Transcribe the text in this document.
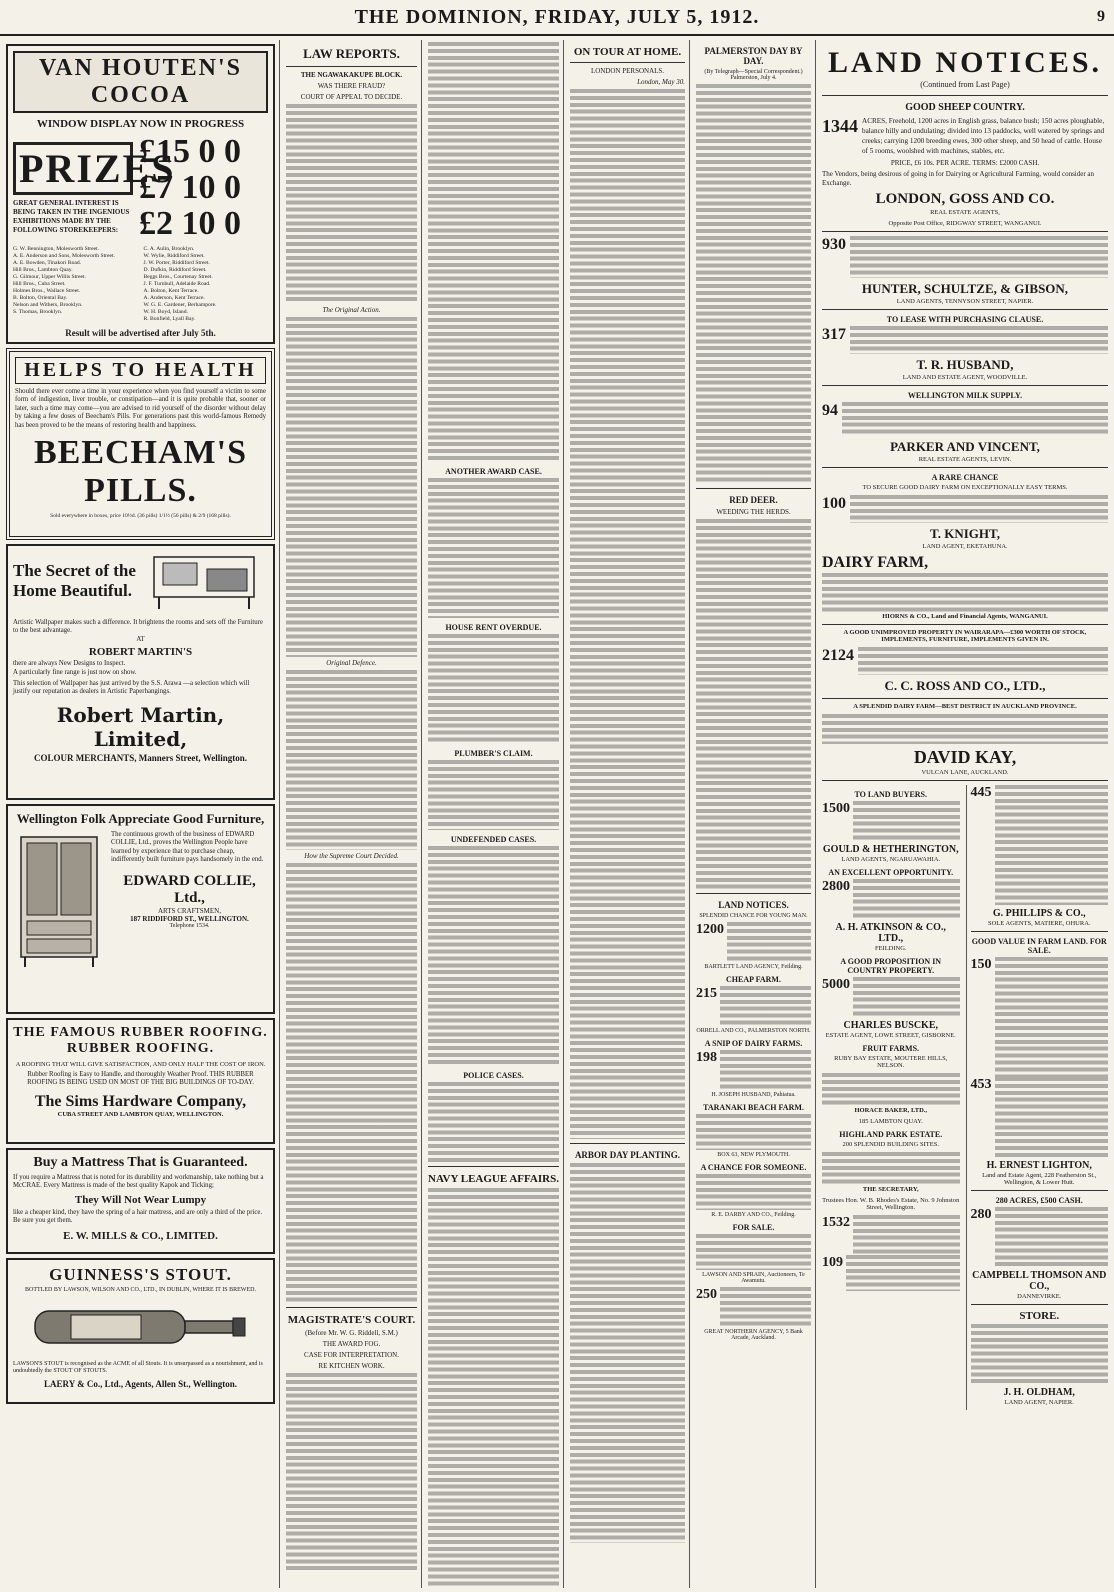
THE DOMINION, FRIDAY, JULY 5, 1912.	9
VAN HOUTEN'S COCOA
WINDOW DISPLAY NOW IN PROGRESS
PRIZES
GREAT GENERAL INTEREST IS BEING TAKEN IN THE INGENIOUS EXHIBITIONS MADE BY THE FOLLOWING STOREKEEPERS:
£15 0 0
£7 10 0
£2 10 0
G. W. Bennington, Molesworth Street.
A. E. Anderson and Sons, Molesworth Street.
A. E. Bowden, Tinakori Road.
Hill Bros., Lambton Quay.
G. Gilmour, Upper Willis Street.
Hill Bros., Cuba Street.
Holmes Bros., Wallace Street.
B. Bolton, Oriental Bay.
Nelson and Withers, Brooklyn.
S. Thomas, Brooklyn.
C. A. Aulin, Brooklyn.
W. Wylie, Riddiford Street.
J. W. Porter, Riddiford Street.
D. Dufkin, Riddiford Street.
Beggs Bros., Courtenay Street.
J. F. Turnbull, Adelaide Road.
A. Bolton, Kent Terrace.
A. Anderson, Kent Terrace.
W. G. E. Gardener, Berhampore.
W. H. Boyd, Island.
R. Bonfield, Lyall Bay.
Result will be advertised after July 5th.
HELPS TO HEALTH
Should there ever come a time in your experience when you find yourself a victim to some form of indigestion, liver trouble, or constipation—and it is quite probable that, sooner or later, such a time may come—you are advised to rid yourself of the disorder without delay by taking a few doses of Beecham's Pills. For generations past this world-famous Remedy has been proved to be the means of restoring health and happiness.
BEECHAM'S PILLS.
Sold everywhere in boxes, price 10½d. (36 pills) 1/1½ (56 pills) & 2/9 (168 pills).
The Secret of the Home Beautiful.
Artistic Wallpaper makes such a difference. It brightens the rooms and sets off the Furniture to the best advantage.
AT
ROBERT MARTIN'S
there are always New Designs to Inspect.
A particularly fine range is just now on show.
This selection of Wallpaper has just arrived by the S.S. Arawa —a selection which will justify our reputation as dealers in Artistic Paperhangings.
Robert Martin, Limited,
COLOUR MERCHANTS, Manners Street, Wellington.
Wellington Folk Appreciate Good Furniture,
The continuous growth of the business of EDWARD COLLIE, Ltd., proves the Wellington People have learned by experience that to purchase cheap, indifferently built furniture pays handsomely in the end.
EDWARD COLLIE, Ltd.,
ARTS CRAFTSMEN,
187 RIDDIFORD ST., WELLINGTON.
Telephone 1534.
THE FAMOUS RUBBER ROOFING. RUBBER ROOFING.
A ROOFING THAT WILL GIVE SATISFACTION, AND ONLY HALF THE COST OF IRON.
Rubber Roofing is Easy to Handle, and thoroughly Weather Proof. THIS RUBBER ROOFING IS BEING USED ON MOST OF THE BIG BUILDINGS OF TO-DAY.
The Sims Hardware Company,
CUBA STREET AND LAMBTON QUAY, WELLINGTON.
Buy a Mattress That is Guaranteed.
If you require a Mattress that is noted for its durability and workmanship, take nothing but a McCRAE. Every Mattress is made of the best quality Kapok and Ticking;
They Will Not Wear Lumpy
like a cheaper kind, they have the spring of a hair mattress, and are only a third of the price. Be sure you get them.
E. W. MILLS & CO., LIMITED.
GUINNESS'S STOUT.
BOTTLED BY LAWSON, WILSON AND CO., LTD., IN DUBLIN, WHERE IT IS BREWED.
LAWSON'S STOUT is recognised as the ACME of all Stouts. It is unsurpassed as a nourishment, and is undoubtedly the STOUT OF STOUTS.
LAERY & Co., Ltd., Agents, Allen St., Wellington.
LAW REPORTS.
THE NGAWAKAKUPE BLOCK.
WAS THERE FRAUD?
COURT OF APPEAL TO DECIDE.
The Original Action.
Original Defence.
How the Supreme Court Decided.
MAGISTRATE'S COURT.
(Before Mr. W. G. Riddell, S.M.)
THE AWARD FOG.
CASE FOR INTERPRETATION.
RE KITCHEN WORK.
ANOTHER AWARD CASE.
HOUSE RENT OVERDUE.
PLUMBER'S CLAIM.
UNDEFENDED CASES.
POLICE CASES.
NAVY LEAGUE AFFAIRS.
ON TOUR AT HOME.
LONDON PERSONALS.
London, May 30.
ARBOR DAY PLANTING.
PALMERSTON DAY BY DAY.
(By Telegraph—Special Correspondent.) Palmerston, July 4.
RED DEER.
WEEDING THE HERDS.
LAND NOTICES.
SPLENDID CHANCE FOR YOUNG MAN.
1200
BARTLETT LAND AGENCY, Feilding.
CHEAP FARM.
215
ORRELL AND CO., PALMERSTON NORTH.
A SNIP OF DAIRY FARMS.
198
H. JOSEPH HUSBAND, Pahiatua.
TARANAKI BEACH FARM.
BOX 63, NEW PLYMOUTH.
A CHANCE FOR SOMEONE.
R. E. DARBY AND CO., Feilding.
FOR SALE.
LAWSON AND SPRAIN, Auctioneers, Te Awamutu.
250
GREAT NORTHERN AGENCY, 5 Bank Arcade, Auckland.
LAND NOTICES.
(Continued from Last Page)
GOOD SHEEP COUNTRY.
1344 ACRES, Freehold, 1200 acres in English grass, balance bush; 150 acres ploughable, balance hilly and undulating; divided into 13 paddocks, well watered by springs and creeks; carrying 1200 breeding ewes, 300 other sheep, and 50 head of cattle. House of 5 rooms, woolshed with machines, stables, etc.
PRICE, £6 10s. PER ACRE. TERMS: £2000 CASH.
The Vendors, being desirous of going in for Dairying or Agricultural Farming, would consider an Exchange.
LONDON, GOSS AND CO.
REAL ESTATE AGENTS,
Opposite Post Office, RIDGWAY STREET, WANGANUI.
930
HUNTER, SCHULTZE, & GIBSON,
LAND AGENTS, TENNYSON STREET, NAPIER.
TO LEASE WITH PURCHASING CLAUSE.
317
T. R. HUSBAND,
LAND AND ESTATE AGENT, WOODVILLE.
WELLINGTON MILK SUPPLY.
94
PARKER AND VINCENT,
REAL ESTATE AGENTS, LEVIN.
A RARE CHANCE
TO SECURE GOOD DAIRY FARM ON EXCEPTIONALLY EASY TERMS.
100
T. KNIGHT,
LAND AGENT, EKETAHUNA.
DAIRY FARM,
HIORNS & CO., Land and Financial Agents, WANGANUI.
A GOOD UNIMPROVED PROPERTY IN WAIRARAPA—£300 WORTH OF STOCK, IMPLEMENTS, FURNITURE, IMPLEMENTS GIVEN IN.
2124
C. C. ROSS AND CO., LTD.,
A SPLENDID DAIRY FARM—BEST DISTRICT IN AUCKLAND PROVINCE.
DAVID KAY,
VULCAN LANE, AUCKLAND.
TO LAND BUYERS.
1500
GOULD & HETHERINGTON,
LAND AGENTS, NGARUAWAHIA.
AN EXCELLENT OPPORTUNITY.
2800
A. H. ATKINSON & CO., LTD.,
FEILDING.
A GOOD PROPOSITION IN COUNTRY PROPERTY.
5000
CHARLES BUSCKE,
ESTATE AGENT, LOWE STREET, GISBORNE.
FRUIT FARMS.
RUBY BAY ESTATE, MOUTERE HILLS, NELSON.
HORACE BAKER, LTD.,
185 LAMBTON QUAY.
HIGHLAND PARK ESTATE.
200 SPLENDID BUILDING SITES.
THE SECRETARY,
Trustees Hon. W. B. Rhodes's Estate, No. 9 Johnston Street, Wellington.
1532
109
445
G. PHILLIPS & CO.,
SOLE AGENTS, MATIERE, OHURA.
GOOD VALUE IN FARM LAND. FOR SALE.
150
453
H. ERNEST LIGHTON,
Land and Estate Agent, 228 Featherston St., Wellington, & Lower Hutt.
280 ACRES, £500 CASH.
280
CAMPBELL THOMSON AND CO.,
DANNEVIRKE.
STORE.
J. H. OLDHAM,
LAND AGENT, NAPIER.
